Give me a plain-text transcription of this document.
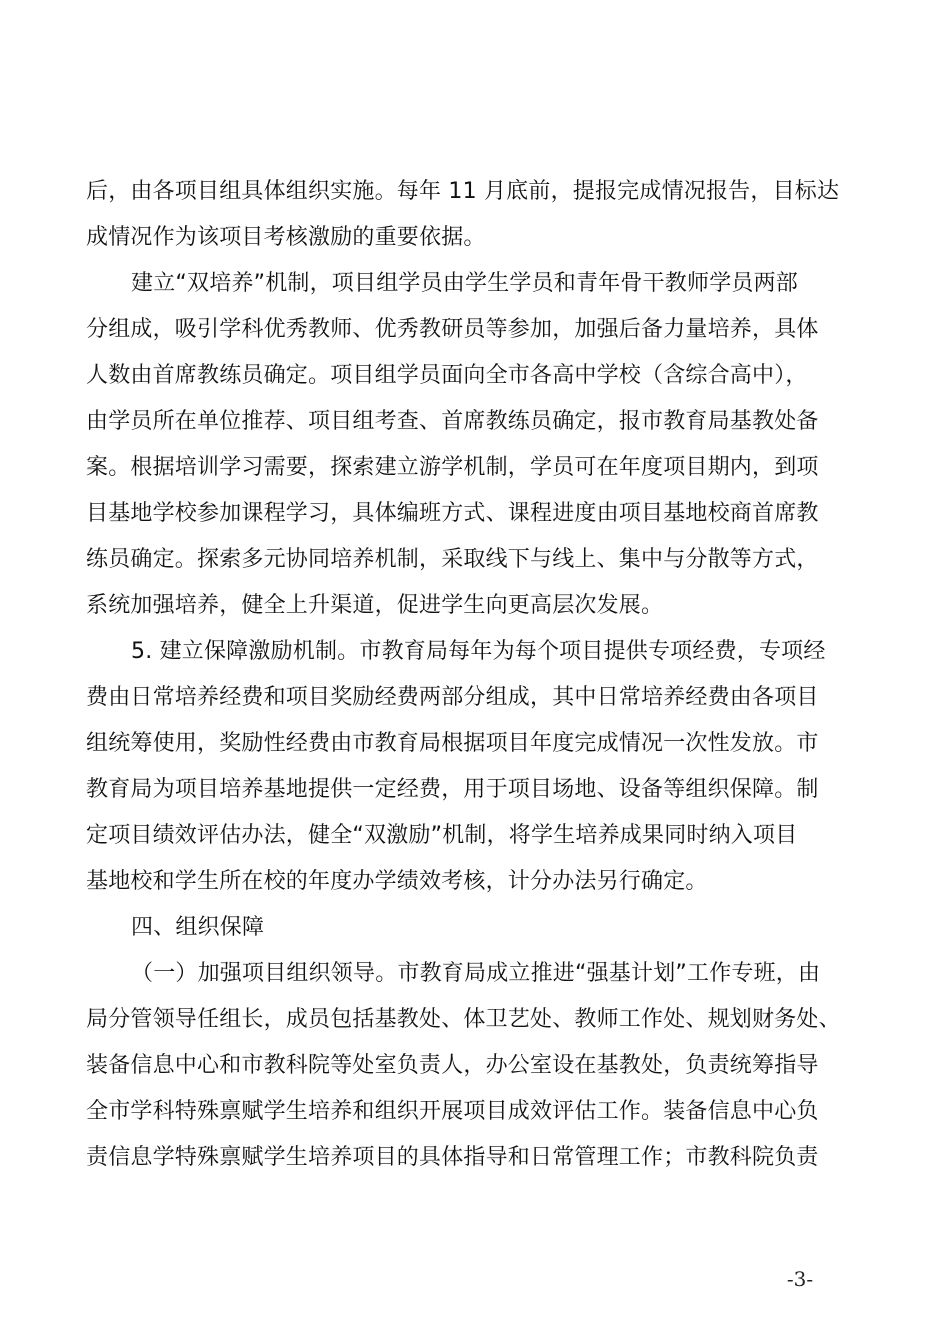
后，由各项目组具体组织实施。每年 11 月底前，提报完成情况报告，目标达
成情况作为该项目考核激励的重要依据。
建立“双培养”机制，项目组学员由学生学员和青年骨干教师学员两部
分组成，吸引学科优秀教师、优秀教研员等参加，加强后备力量培养，具体
人数由首席教练员确定。项目组学员面向全市各高中学校（含综合高中），
由学员所在单位推荐、项目组考查、首席教练员确定，报市教育局基教处备
案。根据培训学习需要，探索建立游学机制，学员可在年度项目期内，到项
目基地学校参加课程学习，具体编班方式、课程进度由项目基地校商首席教
练员确定。探索多元协同培养机制，采取线下与线上、集中与分散等方式，
系统加强培养，健全上升渠道，促进学生向更高层次发展。
5. 建立保障激励机制。市教育局每年为每个项目提供专项经费，专项经
费由日常培养经费和项目奖励经费两部分组成，其中日常培养经费由各项目
组统筹使用，奖励性经费由市教育局根据项目年度完成情况一次性发放。市
教育局为项目培养基地提供一定经费，用于项目场地、设备等组织保障。制
定项目绩效评估办法，健全“双激励”机制，将学生培养成果同时纳入项目
基地校和学生所在校的年度办学绩效考核，计分办法另行确定。
四、组织保障
（一）加强项目组织领导。市教育局成立推进“强基计划”工作专班，由
局分管领导任组长，成员包括基教处、体卫艺处、教师工作处、规划财务处、
装备信息中心和市教科院等处室负责人，办公室设在基教处，负责统筹指导
全市学科特殊禀赋学生培养和组织开展项目成效评估工作。装备信息中心负
责信息学特殊禀赋学生培养项目的具体指导和日常管理工作；市教科院负责
-3-
